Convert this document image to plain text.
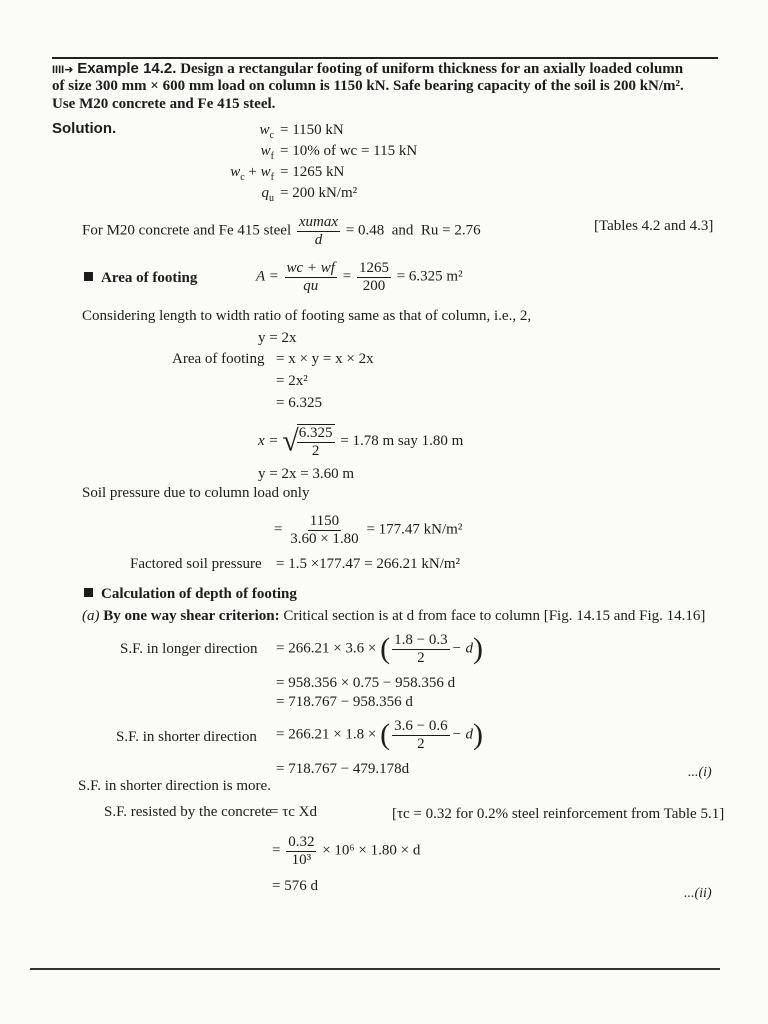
IIII➜ Example 14.2. Design a rectangular footing of uniform thickness for an axially loaded column
of size 300 mm × 600 mm load on column is 1150 kN. Safe bearing capacity of the soil is 200 kN/m².
Use M20 concrete and Fe 415 steel.
Solution.	$w_c = 1150$ kN
$w_f = 10\%$ of wc = 115 kN
$w_c + w_f = 1265$ kN
$q_u = 200$ kN/m²
For M20 concrete and Fe 415 steel $\frac{xumax}{d} = 0.48$ and Ru = 2.76	[Tables 4.2 and 4.3]
Area of footing	$A = \frac{wc + wf}{qu} = \frac{1265}{200} = 6.325$ m²
Considering length to width ratio of footing same as that of column, i.e., 2,
y = 2x
Area of footing = x × y = x × 2x
= 2x²
= 6.325
x = √
$\frac{6.325}{2} = 1.78$ m say 1.80 m
y = 2x = 3.60 m
Soil pressure due to column load only
= $\frac{1150}{3.60 \times 1.80} = 177.47$ kN/m²
Factored soil pressure = 1.5 ×177.47 = 266.21 kN/m²
Calculation of depth of footing
(a) By one way shear criterion: Critical section is at d from face to column [Fig. 14.15 and Fig. 14.16]
S.F. in longer direction = 266.21 × 3.6 × ( $\frac{1.8 - 0.3}{2} - d$)
= 958.356 × 0.75 − 958.356 d
= 718.767 − 958.356 d
S.F. in shorter direction = 266.21 × 1.8 × ( $\frac{3.6 - 0.6}{2} - d$)
= 718.767 − 479.178d	...(i)
S.F. in shorter direction is more.
S.F. resisted by the concrete
= τc Xd	[τc = 0.32 for 0.2% steel reinforcement from Table 5.1]
= $\frac{0.32}{\text{10³}} \times 10^6 \times 1.80 \times d$
= 576 d	...(ii)
